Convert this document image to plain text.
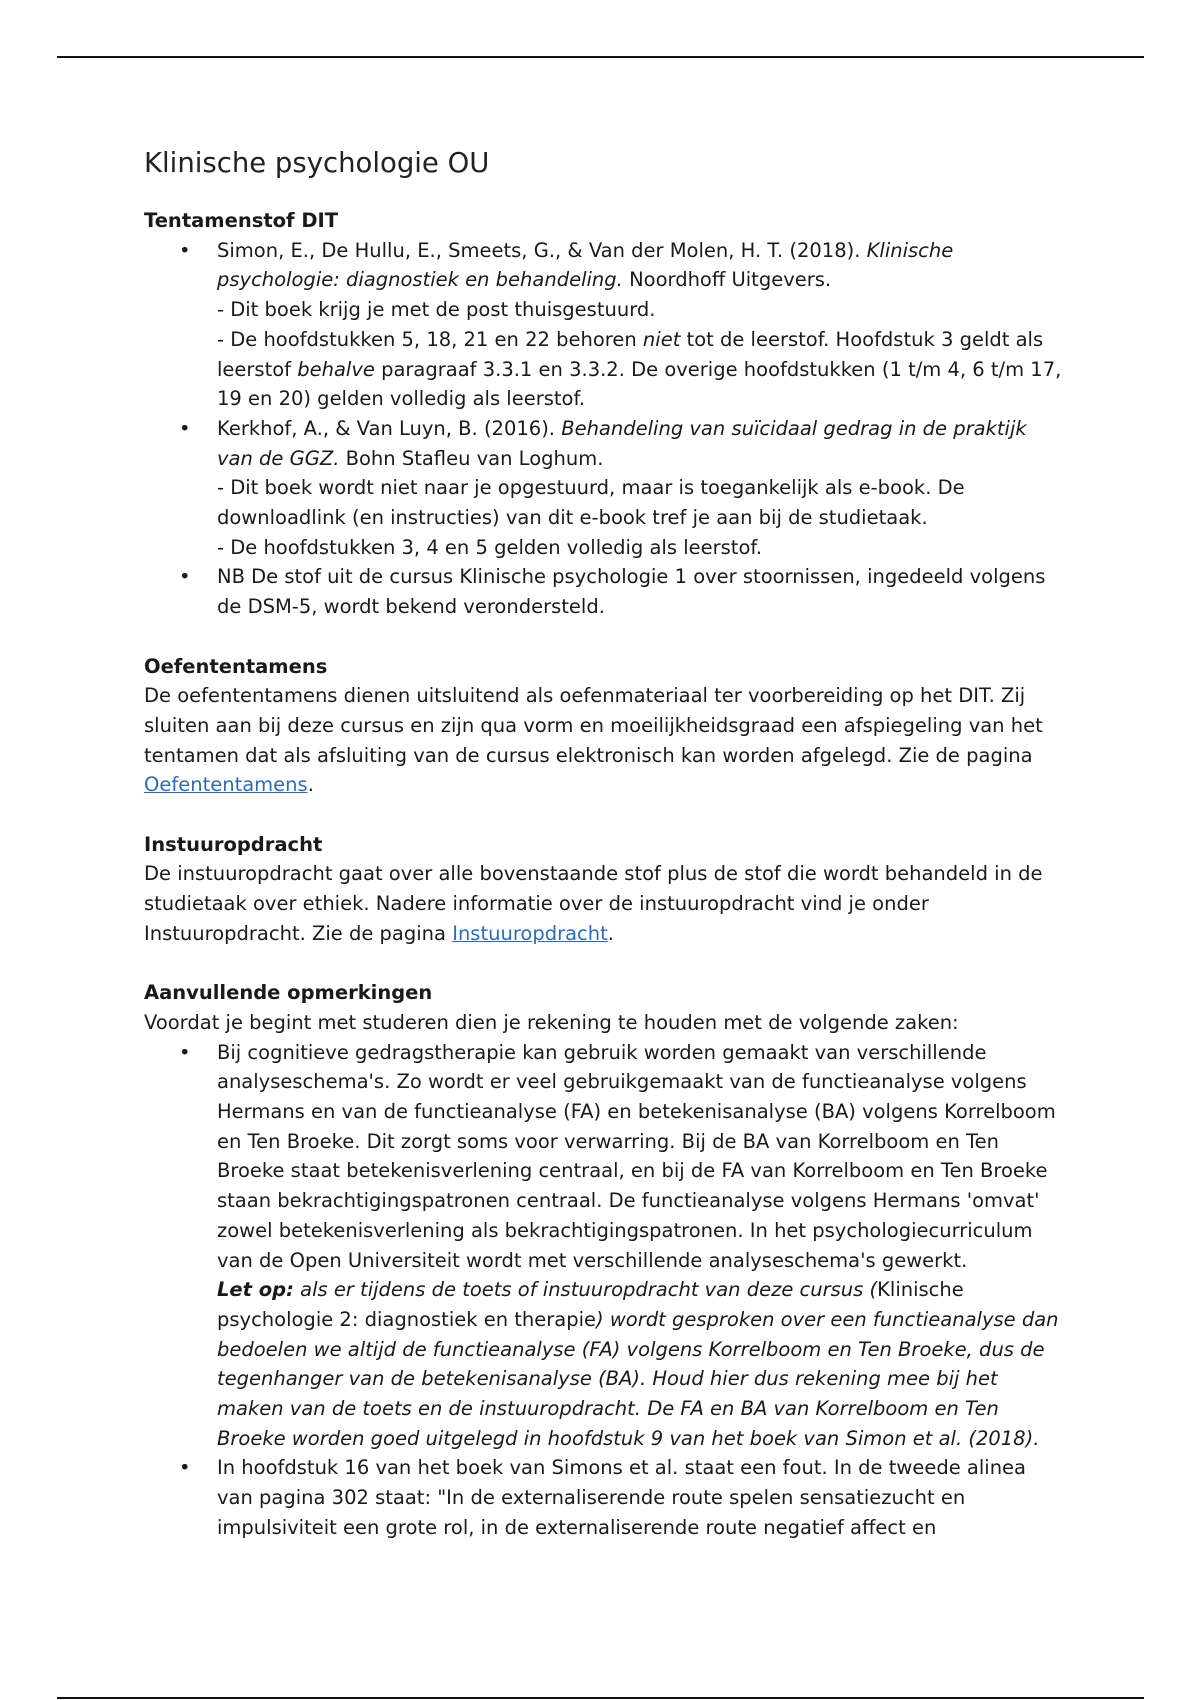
Klinische psychologie OU
Tentamenstof DIT
• Simon, E., De Hullu, E., Smeets, G., & Van der Molen, H. T. (2018). Klinische psychologie: diagnostiek en behandeling. Noordhoff Uitgevers.
- Dit boek krijg je met de post thuisgestuurd.
- De hoofdstukken 5, 18, 21 en 22 behoren niet tot de leerstof. Hoofdstuk 3 geldt als leerstof behalve paragraaf 3.3.1 en 3.3.2. De overige hoofdstukken (1 t/m 4, 6 t/m 17, 19 en 20) gelden volledig als leerstof.
• Kerkhof, A., & Van Luyn, B. (2016). Behandeling van suïcidaal gedrag in de praktijk van de GGZ. Bohn Stafleu van Loghum.
- Dit boek wordt niet naar je opgestuurd, maar is toegankelijk als e-book. De downloadlink (en instructies) van dit e-book tref je aan bij de studietaak.
- De hoofdstukken 3, 4 en 5 gelden volledig als leerstof.
• NB De stof uit de cursus Klinische psychologie 1 over stoornissen, ingedeeld volgens de DSM-5, wordt bekend verondersteld.
Oefententamens

De oefententamens dienen uitsluitend als oefenmateriaal ter voorbereiding op het DIT. Zij sluiten aan bij deze cursus en zijn qua vorm en moeilijkheidsgraad een afspiegeling van het tentamen dat als afsluiting van de cursus elektronisch kan worden afgelegd. Zie de pagina Oefententamens.

Instuuropdracht

De instuuropdracht gaat over alle bovenstaande stof plus de stof die wordt behandeld in de studietaak over ethiek. Nadere informatie over de instuuropdracht vind je onder Instuuropdracht. Zie de pagina Instuuropdracht.

Aanvullende opmerkingen

Voordat je begint met studeren dien je rekening te houden met de volgende zaken:

• Bij cognitieve gedragstherapie kan gebruik worden gemaakt van verschillende analyseschema's. Zo wordt er veel gebruikgemaakt van de functieanalyse volgens Hermans en van de functieanalyse (FA) en betekenisanalyse (BA) volgens Korrelboom en Ten Broeke. Dit zorgt soms voor verwarring. Bij de BA van Korrelboom en Ten Broeke staat betekenisverlening centraal, en bij de FA van Korrelboom en Ten Broeke staan bekrachtigingspatronen centraal. De functieanalyse volgens Hermans 'omvat' zowel betekenisverlening als bekrachtigingspatronen. In het psychologiecurriculum van de Open Universiteit wordt met verschillende analyseschema's gewerkt.
Let op: als er tijdens de toets of instuuropdracht van deze cursus (Klinische psychologie 2: diagnostiek en therapie) wordt gesproken over een functieanalyse dan bedoelen we altijd de functieanalyse (FA) volgens Korrelboom en Ten Broeke, dus de tegenhanger van de betekenisanalyse (BA). Houd hier dus rekening mee bij het maken van de toets en de instuuropdracht. De FA en BA van Korrelboom en Ten Broeke worden goed uitgelegd in hoofdstuk 9 van het boek van Simon et al. (2018).
• In hoofdstuk 16 van het boek van Simons et al. staat een fout. In de tweede alinea van pagina 302 staat: "In de externaliserende route spelen sensatiezucht en impulsiviteit een grote rol, in de externaliserende route negatief affect en
